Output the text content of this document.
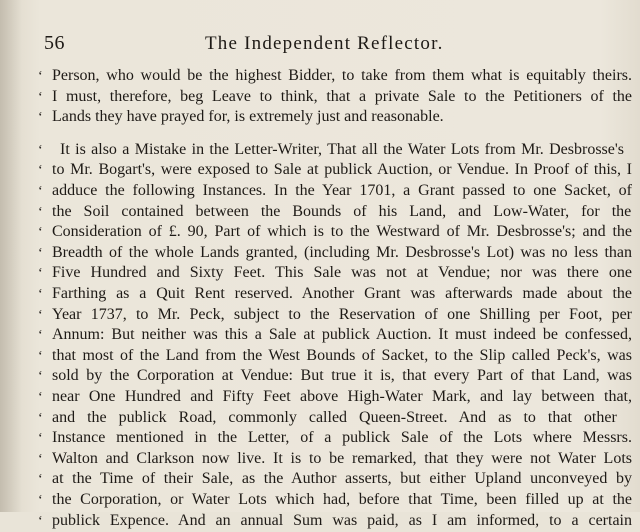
56	The Independent Reflector.
‘ Person, who would be the highest Bidder, to take from them what is equitably theirs.
‘ I must, therefore, beg Leave to think, that a private Sale to the Petitioners of the
‘ Lands they have prayed for, is extremely just and reasonable.
‘ It is also a Mistake in the Letter-Writer, That all the Water Lots from Mr. Desbrosse's
‘ to Mr. Bogart's, were exposed to Sale at publick Auction, or Vendue. In Proof of this, I
‘ adduce the following Instances. In the Year 1701, a Grant passed to one Sacket, of
‘ the Soil contained between the Bounds of his Land, and Low-Water, for the
‘ Consideration of £. 90, Part of which is to the Westward of Mr. Desbrosse's; and the
‘ Breadth of the whole Lands granted, (including Mr. Desbrosse's Lot) was no less than
‘ Five Hundred and Sixty Feet. This Sale was not at Vendue; nor was there one
‘ Farthing as a Quit Rent reserved. Another Grant was afterwards made about the
‘ Year 1737, to Mr. Peck, subject to the Reservation of one Shilling per Foot, per
‘ Annum: But neither was this a Sale at publick Auction. It must indeed be confessed,
‘ that most of the Land from the West Bounds of Sacket, to the Slip called Peck's, was
‘ sold by the Corporation at Vendue: But true it is, that every Part of that Land, was
‘ near One Hundred and Fifty Feet above High-Water Mark, and lay between that,
‘ and the publick Road, commonly called Queen-Street. And as to that other
‘ Instance mentioned in the Letter, of a publick Sale of the Lots where Messrs.
‘ Walton and Clarkson now live. It is to be remarked, that they were not Water Lots
‘ at the Time of their Sale, as the Author asserts, but either Upland unconveyed by
‘ the Corporation, or Water Lots which had, before that Time, been filled up at the
‘ publick Expence. And an annual Sum was paid, as I am informed, to a certain
